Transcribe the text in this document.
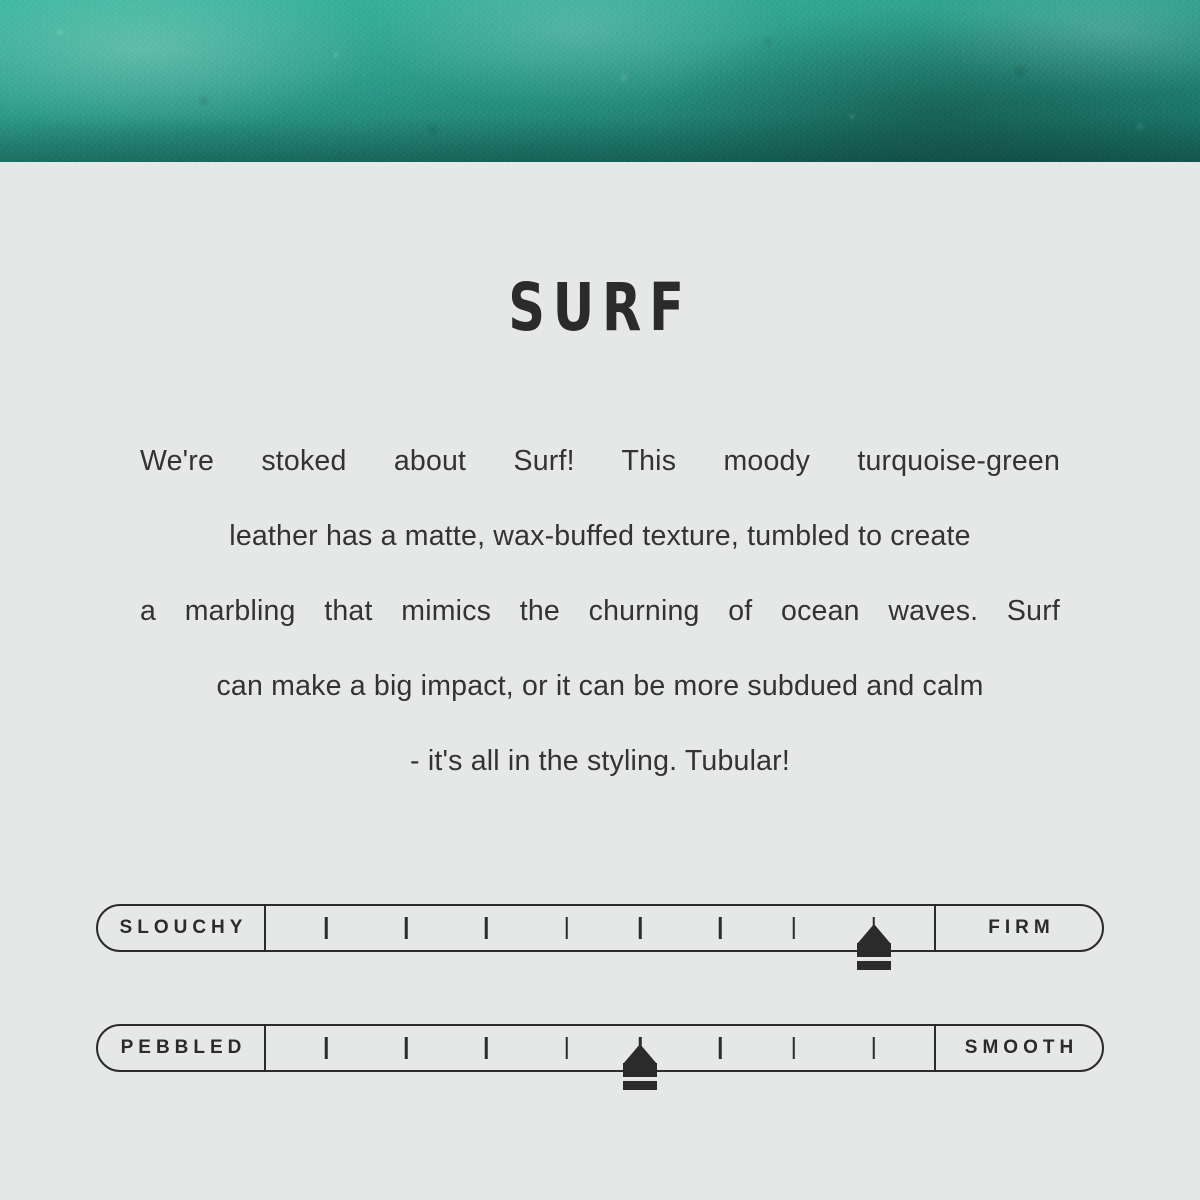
SURF

We're stoked about Surf! This moody turquoise-green
leather has a matte, wax-buffed texture, tumbled to create
a marbling that mimics the churning of ocean waves. Surf
can make a big impact, or it can be more subdued and calm
- it's all in the styling. Tubular!

SLOUCHY	FIRM
PEBBLED	SMOOTH
